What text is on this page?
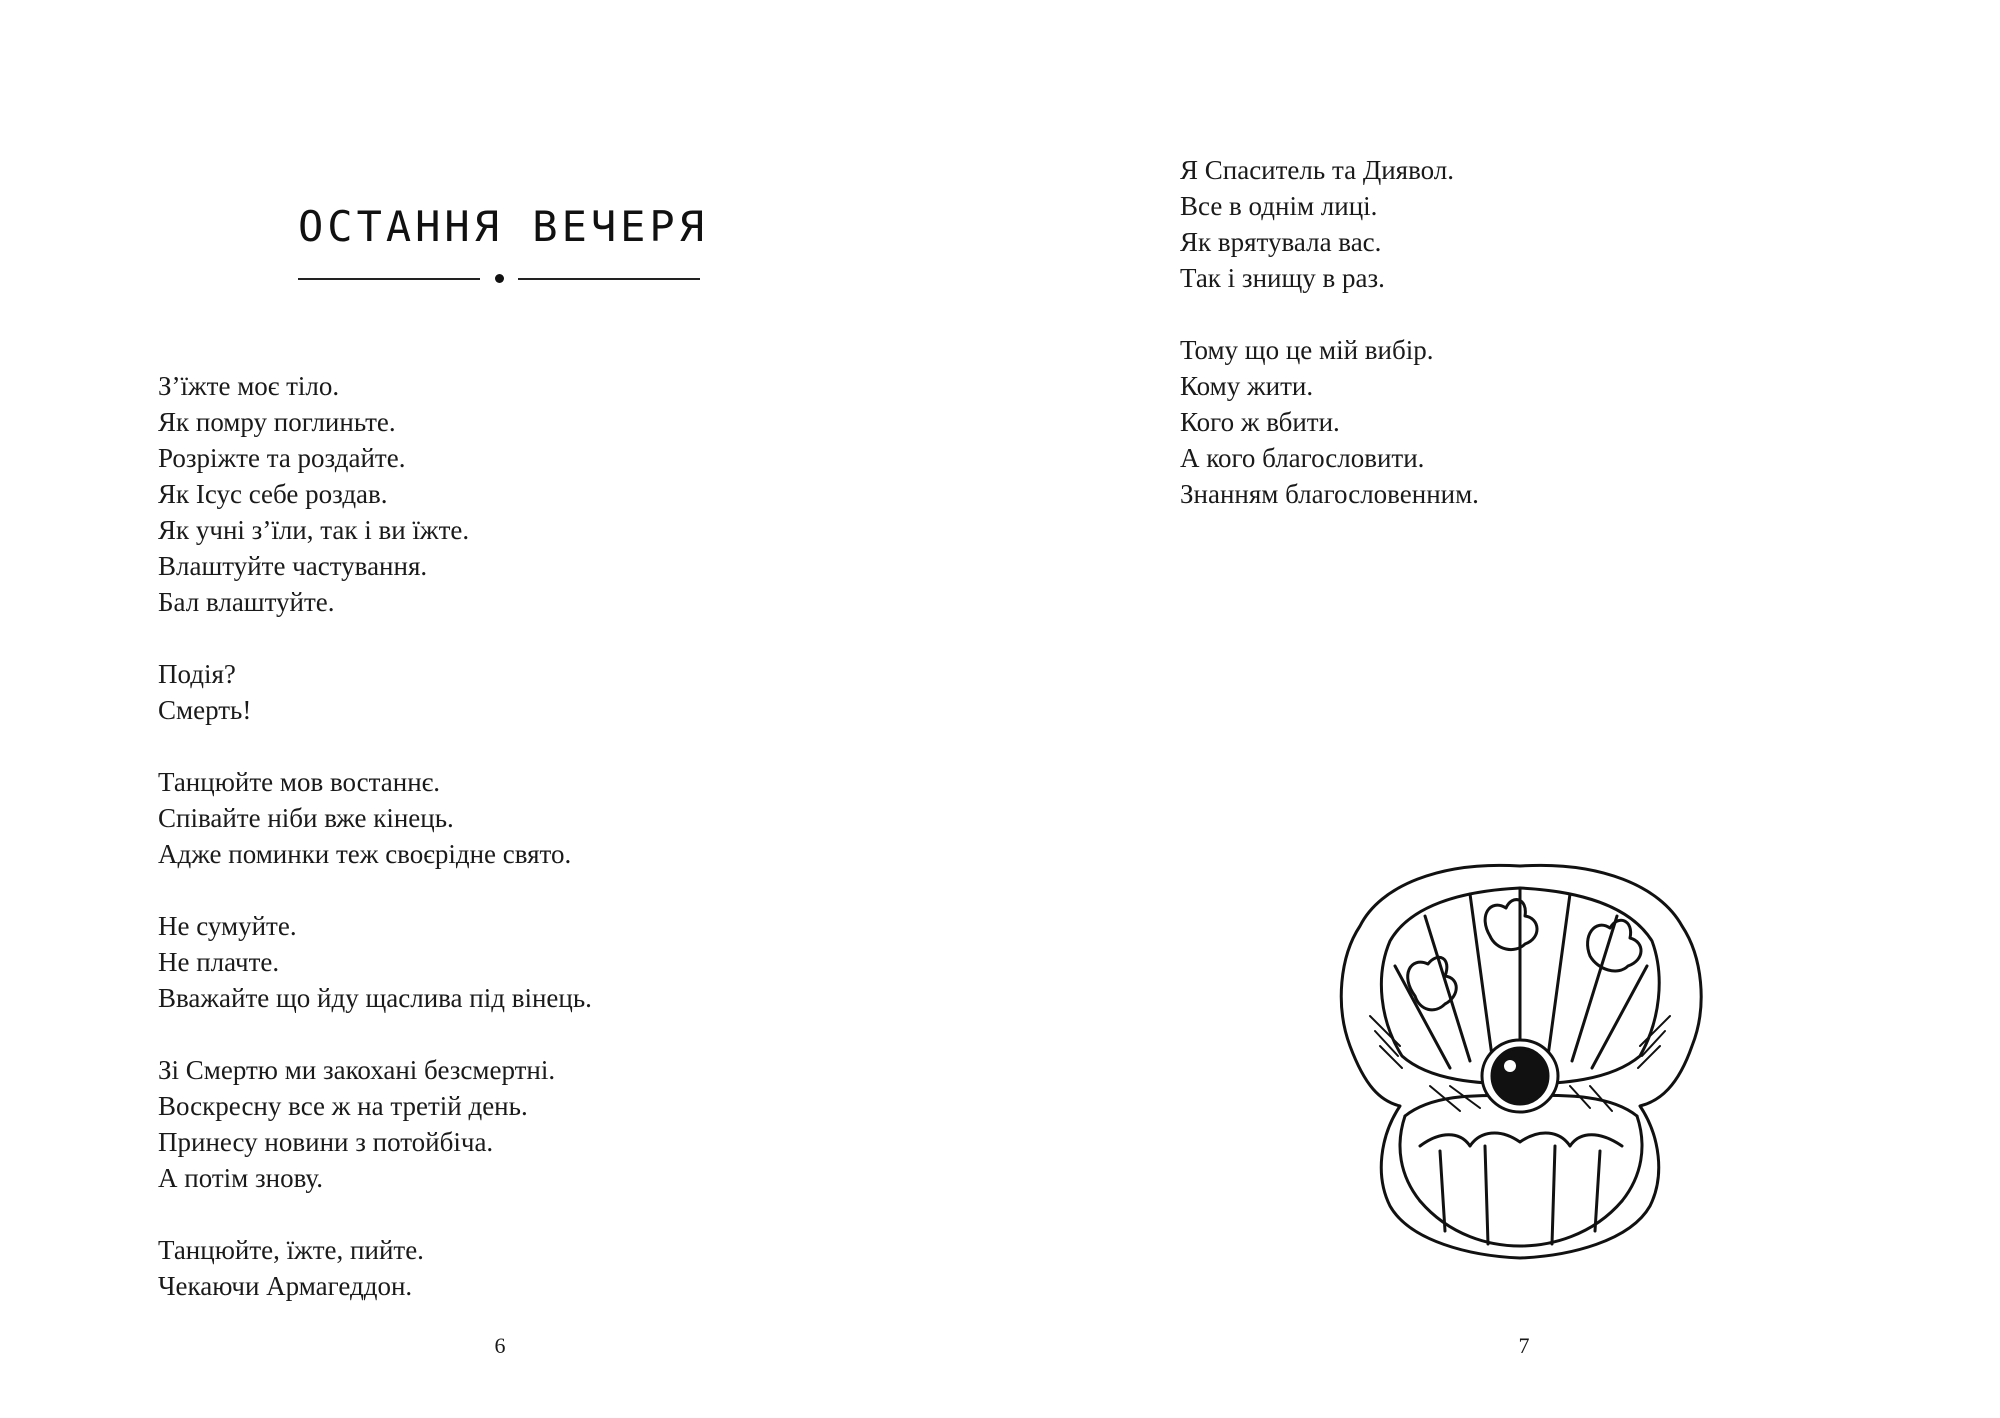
ОСТАННЯ ВЕЧЕРЯ
З’їжте моє тіло.
Як помру поглиньте.
Розріжте та роздайте.
Як Ісус себе роздав.
Як учні з’їли, так і ви їжте.
Влаштуйте частування.
Бал влаштуйте.
Подія?
Смерть!
Танцюйте мов востаннє.
Співайте ніби вже кінець.
Адже поминки теж своєрідне свято.
Не сумуйте.
Не плачте.
Вважайте що йду щаслива під вінець.
Зі Смертю ми закохані безсмертні.
Воскресну все ж на третій день.
Принесу новини з потойбіча.
А потім знову.
Танцюйте, їжте, пийте.
Чекаючи Армагеддон.
6
Я Спаситель та Диявол.
Все в однім лиці.
Як врятувала вас.
Так і знищу в раз.
Тому що це мій вибір.
Кому жити.
Кого ж вбити.
А кого благословити.
Знанням благословенним.
7
